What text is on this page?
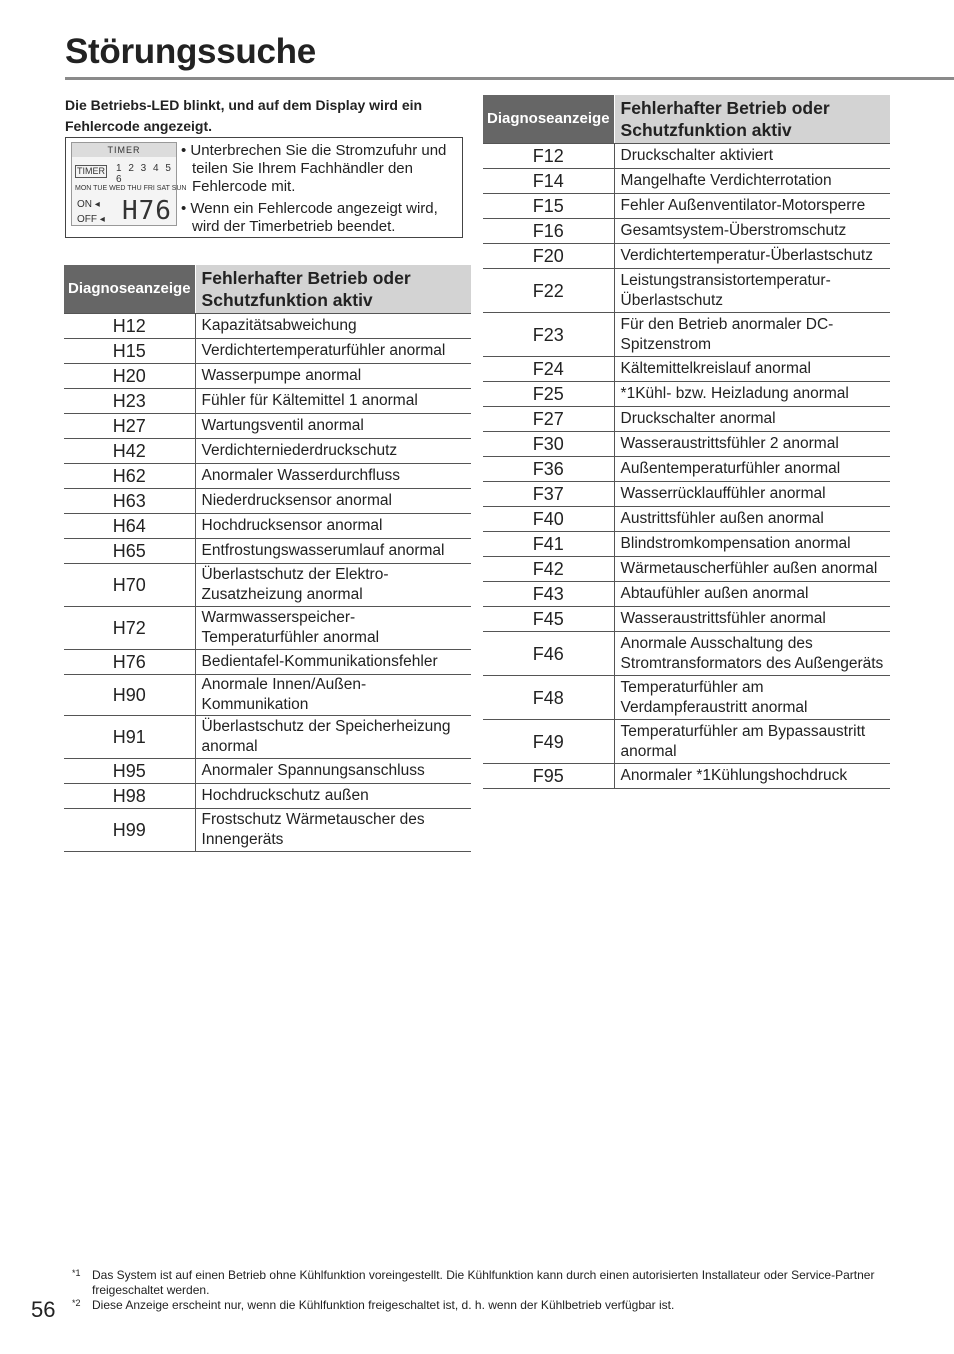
Störungssuche
Die Betriebs-LED blinkt, und auf dem Display wird ein Fehlercode angezeigt.
TIMER
TIMER 1 2 3 4 5 6
MON TUE WED THU FRI SAT SUN
ON ◂
OFF ◂ H76
• Unterbrechen Sie die Stromzufuhr und teilen Sie Ihrem Fachhändler den Fehlercode mit.
• Wenn ein Fehlercode angezeigt wird, wird der Timerbetrieb beendet.
Diagnoseanzeige	Fehlerhafter Betrieb oder Schutzfunktion aktiv
H12	Kapazitätsabweichung
H15	Verdichtertemperaturfühler anormal
H20	Wasserpumpe anormal
H23	Fühler für Kältemittel 1 anormal
H27	Wartungsventil anormal
H42	Verdichterniederdruckschutz
H62	Anormaler Wasserdurchfluss
H63	Niederdrucksensor anormal
H64	Hochdrucksensor anormal
H65	Entfrostungswasserumlauf anormal
H70	Überlastschutz der Elektro-Zusatzheizung anormal
H72	Warmwasserspeicher-Temperaturfühler anormal
H76	Bedientafel-Kommunikationsfehler
H90	Anormale Innen/Außen-Kommunikation
H91	Überlastschutz der Speicherheizung anormal
H95	Anormaler Spannungsanschluss
H98	Hochdruckschutz außen
H99	Frostschutz Wärmetauscher des Innengeräts
Diagnoseanzeige	Fehlerhafter Betrieb oder Schutzfunktion aktiv
F12	Druckschalter aktiviert
F14	Mangelhafte Verdichterrotation
F15	Fehler Außenventilator-Motorsperre
F16	Gesamtsystem-Überstromschutz
F20	Verdichtertemperatur-Überlastschutz
F22	Leistungstransistortemperatur-Überlastschutz
F23	Für den Betrieb anormaler DC-Spitzenstrom
F24	Kältemittelkreislauf anormal
F25	*1Kühl- bzw. Heizladung anormal
F27	Druckschalter anormal
F30	Wasseraustrittsfühler 2 anormal
F36	Außentemperaturfühler anormal
F37	Wasserrücklauffühler anormal
F40	Austrittsfühler außen anormal
F41	Blindstromkompensation anormal
F42	Wärmetauscherfühler außen anormal
F43	Abtaufühler außen anormal
F45	Wasseraustrittsfühler anormal
F46	Anormale Ausschaltung des Stromtransformators des Außengeräts
F48	Temperaturfühler am Verdampferaustritt anormal
F49	Temperaturfühler am Bypassaustritt anormal
F95	Anormaler *1Kühlungshochdruck
*1 Das System ist auf einen Betrieb ohne Kühlfunktion voreingestellt. Die Kühlfunktion kann durch einen autorisierten Installateur oder Service-Partner freigeschaltet werden.
*2 Diese Anzeige erscheint nur, wenn die Kühlfunktion freigeschaltet ist, d. h. wenn der Kühlbetrieb verfügbar ist.
56
